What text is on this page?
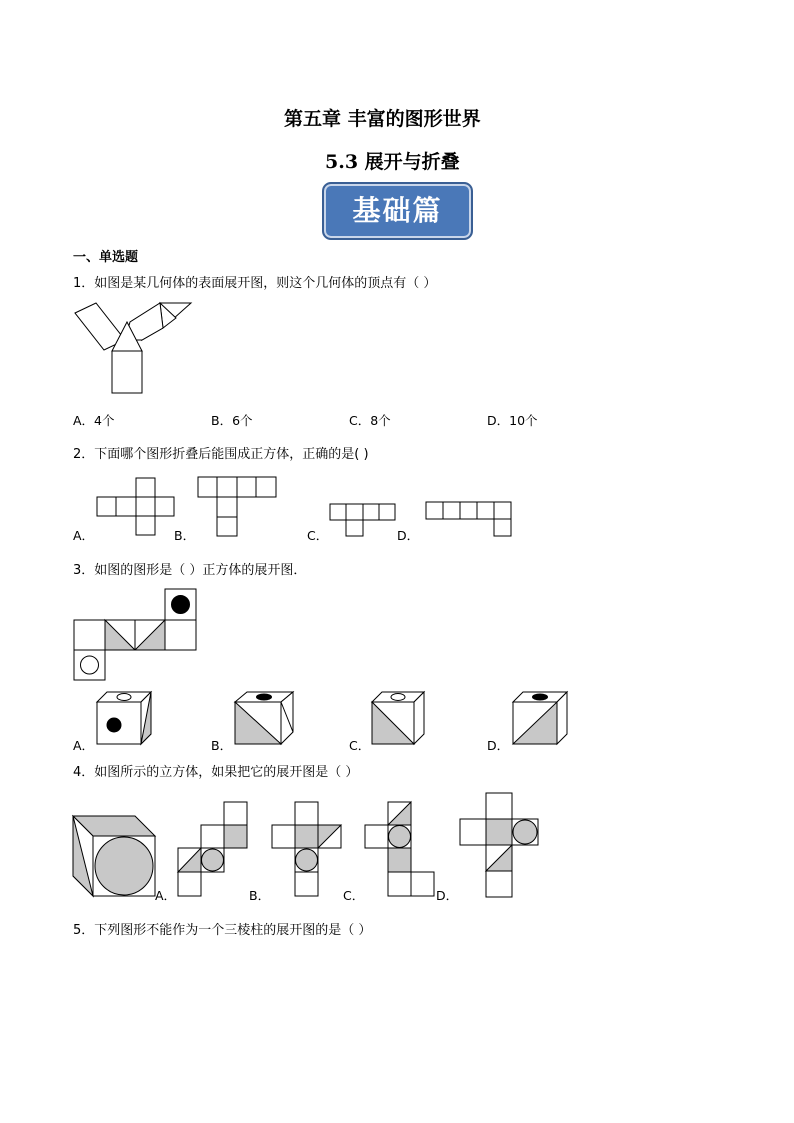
第五章 丰富的图形世界
5.3 展开与折叠
基础篇
一、单选题
1．如图是某几何体的表面展开图，则这个几何体的顶点有（ ）
A．4个	B．6个	C．8个	D．10个
2．下面哪个图形折叠后能围成正方体，正确的是( )
A．	B．	C．	D．
3．如图的图形是（ ）正方体的展开图．
A．	B．	C．	D．
4．如图所示的立方体，如果把它的展开图是（ ）
A．	B．	C．	D．
5．下列图形不能作为一个三棱柱的展开图的是（ ）
